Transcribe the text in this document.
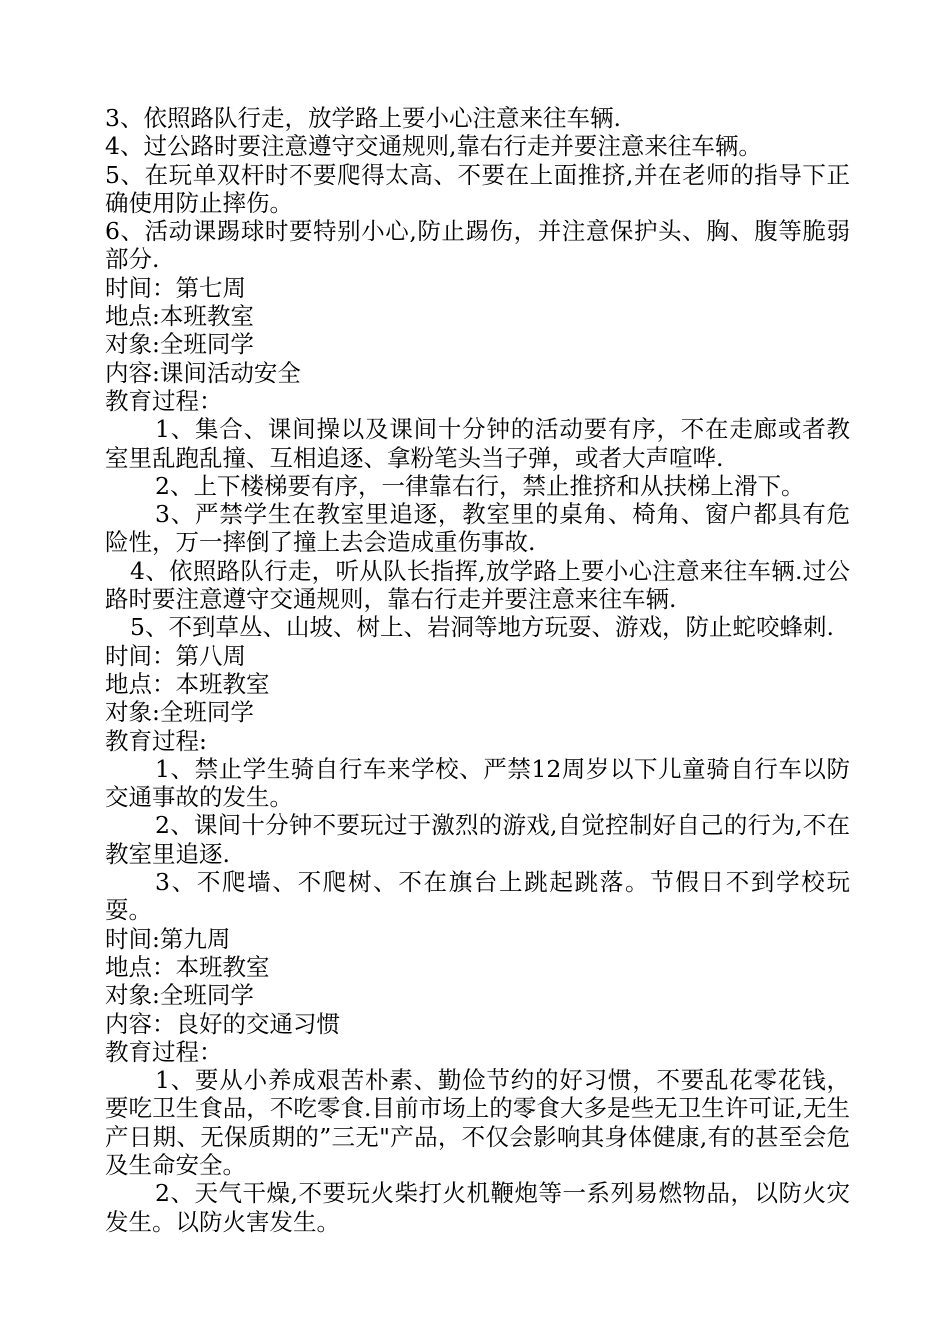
3、依照路队行走，放学路上要小心注意来往车辆.

4、过公路时要注意遵守交通规则,靠右行走并要注意来往车辆。

5、在玩单双杆时不要爬得太高、不要在上面推挤,并在老师的指导下正确使用防止摔伤。

6、活动课踢球时要特别小心,防止踢伤，并注意保护头、胸、腹等脆弱部分.

时间：第七周

地点:本班教室

对象:全班同学

内容:课间活动安全

教育过程：

1、集合、课间操以及课间十分钟的活动要有序，不在走廊或者教室里乱跑乱撞、互相追逐、拿粉笔头当子弹，或者大声喧哗.

2、上下楼梯要有序，一律靠右行，禁止推挤和从扶梯上滑下。

3、严禁学生在教室里追逐，教室里的桌角、椅角、窗户都具有危险性，万一摔倒了撞上去会造成重伤事故.

4、依照路队行走，听从队长指挥,放学路上要小心注意来往车辆.过公路时要注意遵守交通规则，靠右行走并要注意来往车辆.

5、不到草丛、山坡、树上、岩洞等地方玩耍、游戏，防止蛇咬蜂刺.

时间：第八周

地点：本班教室

对象:全班同学

教育过程:

1、禁止学生骑自行车来学校、严禁12周岁以下儿童骑自行车以防交通事故的发生。

2、课间十分钟不要玩过于激烈的游戏,自觉控制好自己的行为,不在教室里追逐.

3、不爬墙、不爬树、不在旗台上跳起跳落。节假日不到学校玩耍。

时间:第九周

地点：本班教室

对象:全班同学

内容：良好的交通习惯

教育过程：

1、要从小养成艰苦朴素、勤俭节约的好习惯，不要乱花零花钱，要吃卫生食品，不吃零食.目前市场上的零食大多是些无卫生许可证,无生产日期、无保质期的”三无"产品，不仅会影响其身体健康,有的甚至会危及生命安全。

2、天气干燥,不要玩火柴打火机鞭炮等一系列易燃物品，以防火灾发生。以防火害发生。
